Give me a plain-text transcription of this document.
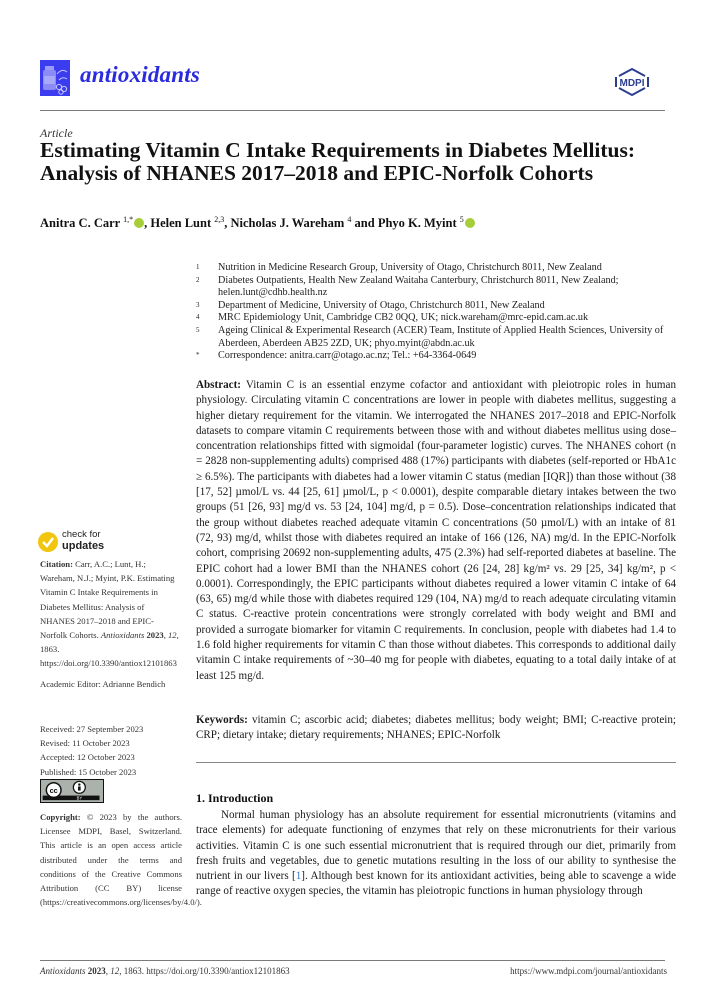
antioxidants	MDPI
Article
Estimating Vitamin C Intake Requirements in Diabetes Mellitus: Analysis of NHANES 2017–2018 and EPIC-Norfolk Cohorts
Anitra C. Carr $^{1,*}$ , Helen Lunt $^{2,3}$, Nicholas J. Wareham $^4$ and Phyo K. Myint $^5$
1	Nutrition in Medicine Research Group, University of Otago, Christchurch 8011, New Zealand
2	Diabetes Outpatients, Health New Zealand Waitaha Canterbury, Christchurch 8011, New Zealand; helen.lunt@cdhb.health.nz
3	Department of Medicine, University of Otago, Christchurch 8011, New Zealand
4	MRC Epidemiology Unit, Cambridge CB2 0QQ, UK; nick.wareham@mrc-epid.cam.ac.uk
5	Ageing Clinical & Experimental Research (ACER) Team, Institute of Applied Health Sciences, University of Aberdeen, Aberdeen AB25 2ZD, UK; phyo.myint@abdn.ac.uk
*	Correspondence: anitra.carr@otago.ac.nz; Tel.: +64-3364-0649
Abstract: Vitamin C is an essential enzyme cofactor and antioxidant with pleiotropic roles in human physiology. Circulating vitamin C concentrations are lower in people with diabetes mellitus, suggesting a higher dietary requirement for the vitamin. We interrogated the NHANES 2017–2018 and EPIC-Norfolk datasets to compare vitamin C requirements between those with and without diabetes mellitus using dose–concentration relationships fitted with sigmoidal (four-parameter logistic) curves. The NHANES cohort (n = 2828 non-supplementing adults) comprised 488 (17%) participants with diabetes (self-reported or HbA1c ≥ 6.5%). The participants with diabetes had a lower vitamin C status (median [IQR]) than those without (38 [17, 52] µmol/L vs. 44 [25, 61] µmol/L, p < 0.0001), despite comparable dietary intakes between the two groups (51 [26, 93] mg/d vs. 53 [24, 104] mg/d, p = 0.5). Dose–concentration relationships indicated that the group without diabetes reached adequate vitamin C concentrations (50 µmol/L) with an intake of 81 (72, 93) mg/d, whilst those with diabetes required an intake of 166 (126, NA) mg/d. In the EPIC-Norfolk cohort, comprising 20692 non-supplementing adults, 475 (2.3%) had self-reported diabetes at baseline. The EPIC cohort had a lower BMI than the NHANES cohort (26 [24, 28] kg/m² vs. 29 [25, 34] kg/m², p < 0.0001). Correspondingly, the EPIC participants without diabetes required a lower vitamin C intake of 64 (63, 65) mg/d while those with diabetes required 129 (104, NA) mg/d to reach adequate circulating vitamin C status. C-reactive protein concentrations were strongly correlated with body weight and BMI and provided a surrogate biomarker for vitamin C requirements. In conclusion, people with diabetes had 1.4 to 1.6 fold higher requirements for vitamin C than those without diabetes. This corresponds to additional daily vitamin C intake requirements of ~30–40 mg for people with diabetes, equating to a total daily intake of at least 125 mg/d.
Keywords: vitamin C; ascorbic acid; diabetes; diabetes mellitus; body weight; BMI; C-reactive protein; CRP; dietary intake; dietary requirements; NHANES; EPIC-Norfolk
check for
updates
Citation: Carr, A.C.; Lunt, H.; Wareham, N.J.; Myint, P.K. Estimating Vitamin C Intake Requirements in Diabetes Mellitus: Analysis of NHANES 2017–2018 and EPIC-Norfolk Cohorts. Antioxidants 2023, 12, 1863. https://doi.org/10.3390/antiox12101863
Academic Editor: Adrianne Bendich
Received: 27 September 2023
Revised: 11 October 2023
Accepted: 12 October 2023
Published: 15 October 2023
cc
BY
Copyright: © 2023 by the authors. Licensee MDPI, Basel, Switzerland. This article is an open access article distributed under the terms and conditions of the Creative Commons Attribution (CC BY) license (https://creativecommons.org/licenses/by/4.0/).
1. Introduction
Normal human physiology has an absolute requirement for essential micronutrients (vitamins and trace elements) for adequate functioning of enzymes that rely on these micronutrients for their various activities. Vitamin C is one such essential micronutrient that is required through our diet, primarily from fresh fruits and vegetables, due to genetic mutations resulting in the loss of our ability to synthesise the nutrient in our livers [1]. Although best known for its antioxidant activities, being able to scavenge a wide range of reactive oxygen species, the vitamin has pleiotropic functions in human physiology through
Antioxidants 2023, 12, 1863. https://doi.org/10.3390/antiox12101863	https://www.mdpi.com/journal/antioxidants
